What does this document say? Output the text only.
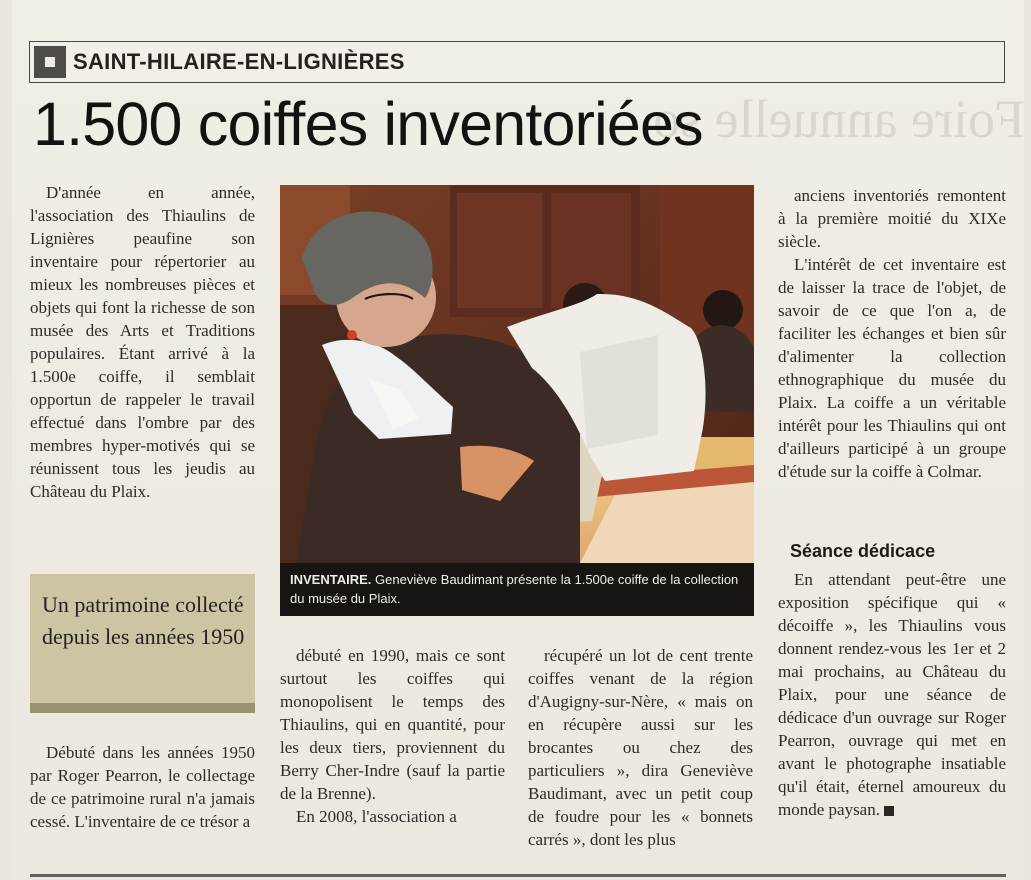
Foire annuelle so
SAINT-HILAIRE-EN-LIGNIÈRES
1.500 coiffes inventoriées

D'année en année, l'association des Thiaulins de Lignières peaufine son inventaire pour répertorier au mieux les nombreuses pièces et objets qui font la richesse de son musée des Arts et Traditions populaires. Étant arrivé à la 1.500e coiffe, il semblait opportun de rappeler le travail effectué dans l'ombre par des membres hyper-motivés qui se réunissent tous les jeudis au Château du Plaix.

Un patrimoine collecté depuis les années 1950

Débuté dans les années 1950 par Roger Pearron, le collectage de ce patrimoine rural n'a jamais cessé. L'inventaire de ce trésor a

INVENTAIRE. Geneviève Baudimant présente la 1.500e coiffe de la collection du musée du Plaix.

débuté en 1990, mais ce sont surtout les coiffes qui monopolisent le temps des Thiaulins, qui en quantité, pour les deux tiers, proviennent du Berry Cher-Indre (sauf la partie de la Brenne).

En 2008, l'association a

récupéré un lot de cent trente coiffes venant de la région d'Augigny-sur-Nère, « mais on en récupère aussi sur les brocantes ou chez des particuliers », dira Geneviève Baudimant, avec un petit coup de foudre pour les « bonnets carrés », dont les plus

anciens inventoriés remontent à la première moitié du XIXe siècle.

L'intérêt de cet inventaire est de laisser la trace de l'objet, de savoir de ce que l'on a, de faciliter les échanges et bien sûr d'alimenter la collection ethnographique du musée du Plaix. La coiffe a un véritable intérêt pour les Thiaulins qui ont d'ailleurs participé à un groupe d'étude sur la coiffe à Colmar.

Séance dédicace

En attendant peut-être une exposition spécifique qui « décoiffe », les Thiaulins vous donnent rendez-vous les 1er et 2 mai prochains, au Château du Plaix, pour une séance de dédicace d'un ouvrage sur Roger Pearron, ouvrage qui met en avant le photographe insatiable qu'il était, éternel amoureux du monde paysan.
